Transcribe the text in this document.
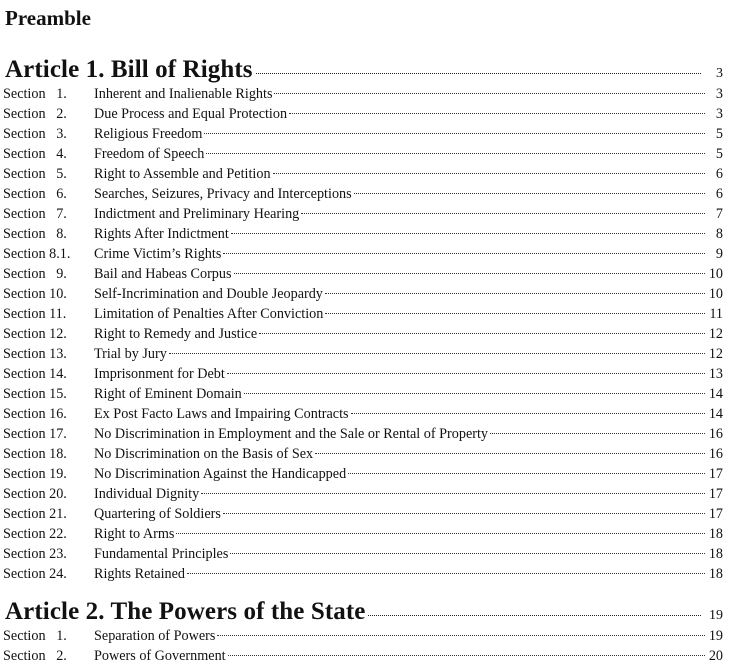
Preamble
Article 1. Bill of Rights	3
Section   1.	Inherent and Inalienable Rights	3
Section   2.	Due Process and Equal Protection	3
Section   3.	Religious Freedom	5
Section   4.	Freedom of Speech	5
Section   5.	Right to Assemble and Petition	6
Section   6.	Searches, Seizures, Privacy and Interceptions	6
Section   7.	Indictment and Preliminary Hearing	7
Section   8.	Rights After Indictment	8
Section 8.1.	Crime Victim’s Rights	9
Section   9.	Bail and Habeas Corpus	10
Section 10.	Self-Incrimination and Double Jeopardy	10
Section 11.	Limitation of Penalties After Conviction	11
Section 12.	Right to Remedy and Justice	12
Section 13.	Trial by Jury	12
Section 14.	Imprisonment for Debt	13
Section 15.	Right of Eminent Domain	14
Section 16.	Ex Post Facto Laws and Impairing Contracts	14
Section 17.	No Discrimination in Employment and the Sale or Rental of Property	16
Section 18.	No Discrimination on the Basis of Sex	16
Section 19.	No Discrimination Against the Handicapped	17
Section 20.	Individual Dignity	17
Section 21.	Quartering of Soldiers	17
Section 22.	Right to Arms	18
Section 23.	Fundamental Principles	18
Section 24.	Rights Retained	18
Article 2. The Powers of the State	19
Section   1.	Separation of Powers	19
Section   2.	Powers of Government	20
